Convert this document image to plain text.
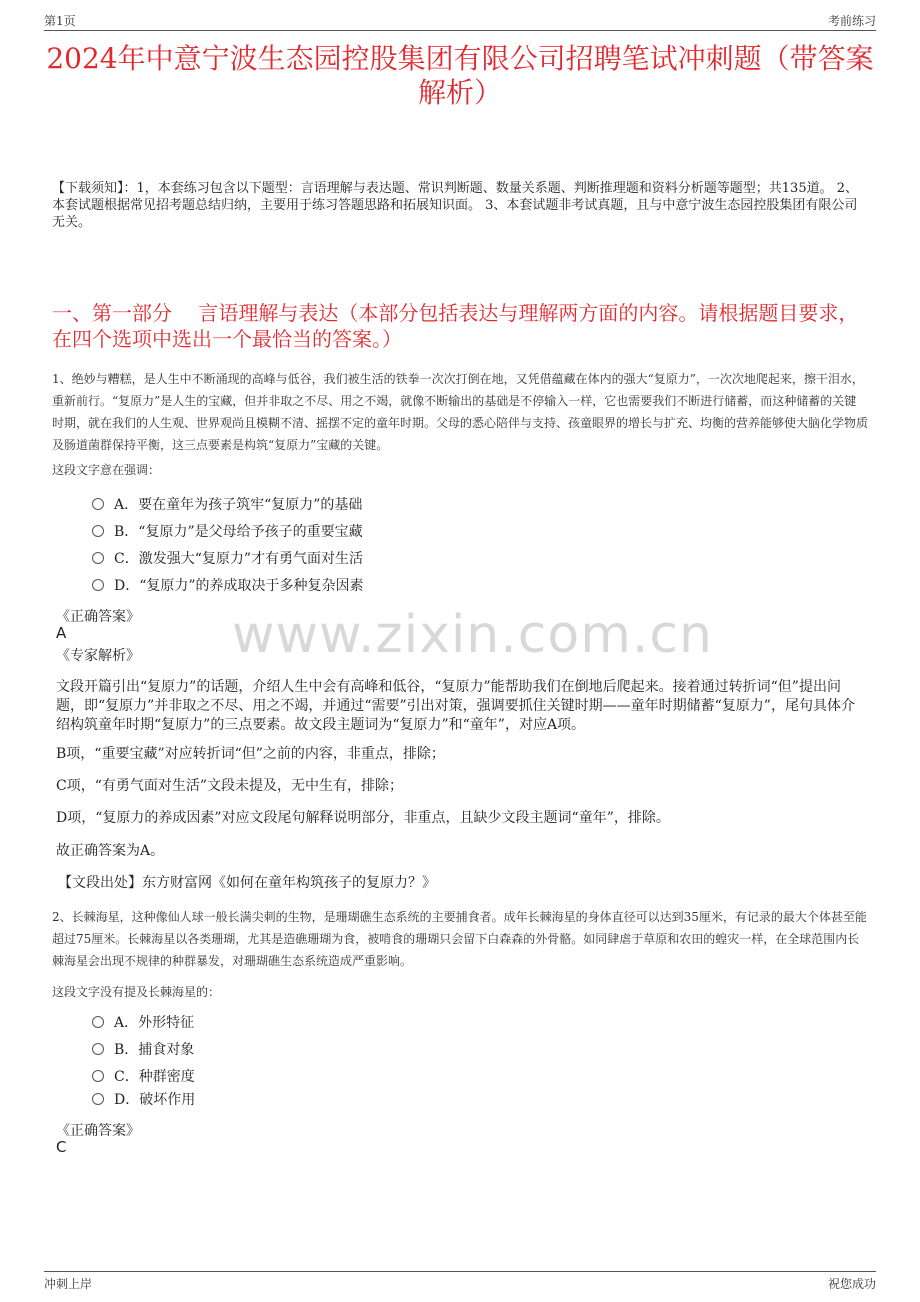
第1页	考前练习
2024年中意宁波生态园控股集团有限公司招聘笔试冲刺题（带答案解析）
【下载须知】：1，本套练习包含以下题型：言语理解与表达题、常识判断题、数量关系题、判断推理题和资料分析题等题型；共135道。 2、本套试题根据常见招考题总结归纳，主要用于练习答题思路和拓展知识面。 3、本套试题非考试真题，且与中意宁波生态园控股集团有限公司无关。
一、第一部分　 言语理解与表达（本部分包括表达与理解两方面的内容。请根据题目要求，在四个选项中选出一个最恰当的答案。）
1、绝妙与糟糕，是人生中不断涌现的高峰与低谷，我们被生活的铁拳一次次打倒在地，又凭借蕴藏在体内的强大“复原力”，一次次地爬起来，擦干泪水，重新前行。“复原力”是人生的宝藏，但并非取之不尽、用之不竭，就像不断输出的基础是不停输入一样，它也需要我们不断进行储蓄，而这种储蓄的关键时期，就在我们的人生观、世界观尚且模糊不清、摇摆不定的童年时期。父母的悉心陪伴与支持、孩童眼界的增长与扩充、均衡的营养能够使大脑化学物质及肠道菌群保持平衡，这三点要素是构筑“复原力”宝藏的关键。
这段文字意在强调：
A．要在童年为孩子筑牢“复原力”的基础
B．“复原力”是父母给予孩子的重要宝藏
C．激发强大“复原力”才有勇气面对生活
D．“复原力”的养成取决于多种复杂因素
《正确答案》
A
《专家解析》 www.zixin.com.cn
文段开篇引出“复原力”的话题，介绍人生中会有高峰和低谷，“复原力”能帮助我们在倒地后爬起来。接着通过转折词“但”提出问题，即“复原力”并非取之不尽、用之不竭，并通过“需要”引出对策，强调要抓住关键时期——童年时期储蓄“复原力”，尾句具体介绍构筑童年时期“复原力”的三点要素。故文段主题词为“复原力”和“童年”，对应A项。
B项，“重要宝藏”对应转折词“但”之前的内容，非重点，排除；
C项，“有勇气面对生活”文段未提及，无中生有，排除；
D项，“复原力的养成因素”对应文段尾句解释说明部分，非重点，且缺少文段主题词“童年”，排除。
故正确答案为A。
【文段出处】东方财富网《如何在童年构筑孩子的复原力？》
2、长棘海星，这种像仙人球一般长满尖刺的生物，是珊瑚礁生态系统的主要捕食者。成年长棘海星的身体直径可以达到35厘米，有记录的最大个体甚至能超过75厘米。长棘海星以各类珊瑚，尤其是造礁珊瑚为食，被啃食的珊瑚只会留下白森森的外骨骼。如同肆虐于草原和农田的蝗灾一样，在全球范围内长棘海星会出现不规律的种群暴发，对珊瑚礁生态系统造成严重影响。
这段文字没有提及长棘海星的：
A．外形特征
B．捕食对象
C．种群密度
D．破坏作用
《正确答案》
C
冲刺上岸	祝您成功
